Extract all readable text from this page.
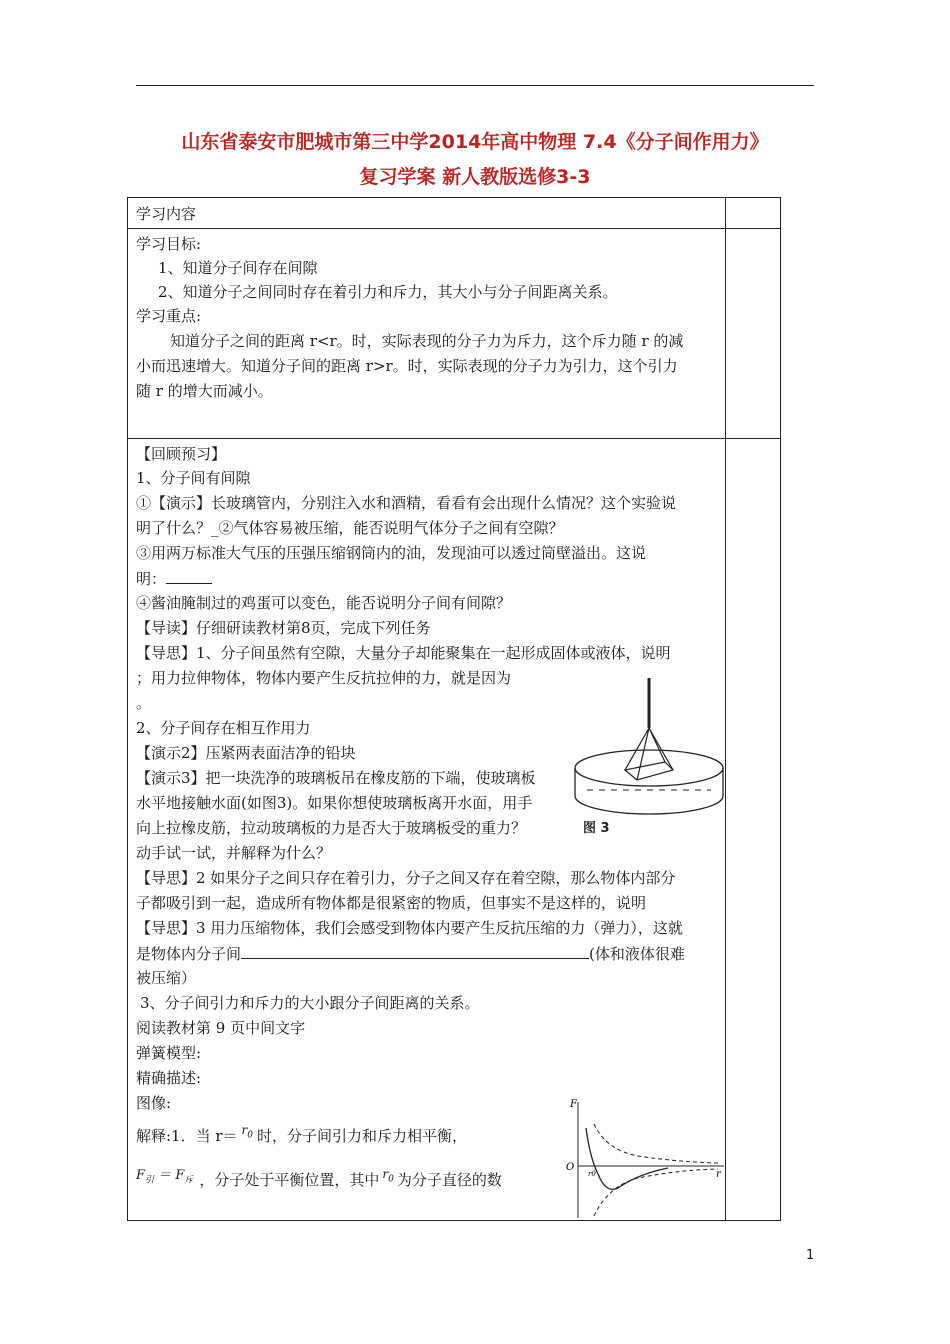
山东省泰安市肥城市第三中学2014年高中物理 7.4《分子间作用力》
复习学案 新人教版选修3-3
学习内容
学习目标:
1、知道分子间存在间隙
2、知道分子之间同时存在着引力和斥力，其大小与分子间距离关系。
学习重点:
知道分子之间的距离 r<r。时，实际表现的分子力为斥力，这个斥力随 r 的减
小而迅速增大。知道分子间的距离 r>r。时，实际表现的分子力为引力，这个引力
随 r 的增大而减小。
【回顾预习】
1、分子间有间隙
①【演示】长玻璃管内，分别注入水和酒精，看看有会出现什么情况？这个实验说
明了什么？_②气体容易被压缩，能否说明气体分子之间有空隙？
③用两万标准大气压的压强压缩钢筒内的油，发现油可以透过筒壁溢出。这说
明：
④酱油腌制过的鸡蛋可以变色，能否说明分子间有间隙？
【导读】仔细研读教材第8页，完成下列任务
【导思】1、分子间虽然有空隙，大量分子却能聚集在一起形成固体或液体，说明
；用力拉伸物体，物体内要产生反抗拉伸的力，就是因为
。
2、分子间存在相互作用力
【演示2】压紧两表面洁净的铅块
【演示3】把一块洗净的玻璃板吊在橡皮筋的下端，使玻璃板
水平地接触水面(如图3)。如果你想使玻璃板离开水面，用手
向上拉橡皮筋，拉动玻璃板的力是否大于玻璃板受的重力？
动手试一试，并解释为什么？
【导思】2 如果分子之间只存在着引力，分子之间又存在着空隙，那么物体内部分
子都吸引到一起，造成所有物体都是很紧密的物质，但事实不是这样的，说明
【导思】3 用力压缩物体，我们会感受到物体内要产生反抗压缩的力（弹力），这就
是物体内分子间	(体和液体很难
被压缩）
3、分子间引力和斥力的大小跟分子间距离的关系。
阅读教材第 9 页中间文字
弹簧模型:
精确描述:
图像:
解释:1．当 r＝ $^{r_0}$ 时，分子间引力和斥力相平衡，
$F_引 = F_斥$ ，分子处于平衡位置，其中 $^{r_0}$ 为分子直径的数
图 3
F
r
O
r0
1
